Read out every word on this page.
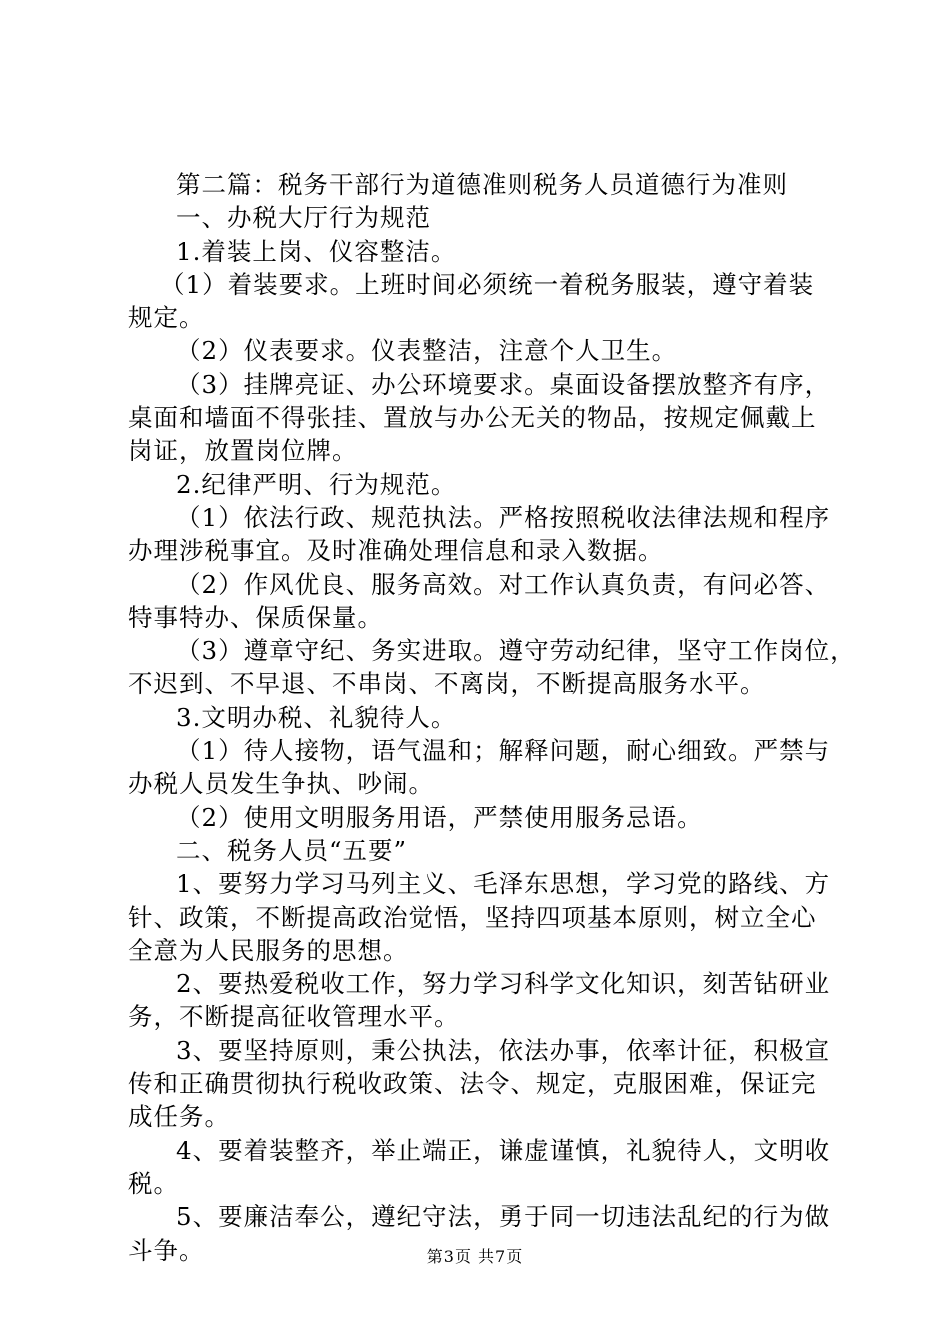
第二篇：税务干部行为道德准则税务人员道德行为准则

一、办税大厅行为规范

1.着装上岗、仪容整洁。

（1）着装要求。上班时间必须统一着税务服装，遵守着装

规定。

（2）仪表要求。仪表整洁，注意个人卫生。

（3）挂牌亮证、办公环境要求。桌面设备摆放整齐有序，

桌面和墙面不得张挂、置放与办公无关的物品，按规定佩戴上

岗证，放置岗位牌。

2.纪律严明、行为规范。

（1）依法行政、规范执法。严格按照税收法律法规和程序

办理涉税事宜。及时准确处理信息和录入数据。

（2）作风优良、服务高效。对工作认真负责，有问必答、

特事特办、保质保量。

（3）遵章守纪、务实进取。遵守劳动纪律，坚守工作岗位，

不迟到、不早退、不串岗、不离岗，不断提高服务水平。

3.文明办税、礼貌待人。

（1）待人接物，语气温和；解释问题，耐心细致。严禁与

办税人员发生争执、吵闹。

（2）使用文明服务用语，严禁使用服务忌语。

二、税务人员“五要”

1、要努力学习马列主义、毛泽东思想，学习党的路线、方

针、政策，不断提高政治觉悟，坚持四项基本原则，树立全心

全意为人民服务的思想。

2、要热爱税收工作，努力学习科学文化知识，刻苦钻研业

务，不断提高征收管理水平。

3、要坚持原则，秉公执法，依法办事，依率计征，积极宣

传和正确贯彻执行税收政策、法令、规定，克服困难，保证完

成任务。

4、要着装整齐，举止端正，谦虚谨慎，礼貌待人，文明收

税。

5、要廉洁奉公，遵纪守法，勇于同一切违法乱纪的行为做

斗争。	第3页 共7页
